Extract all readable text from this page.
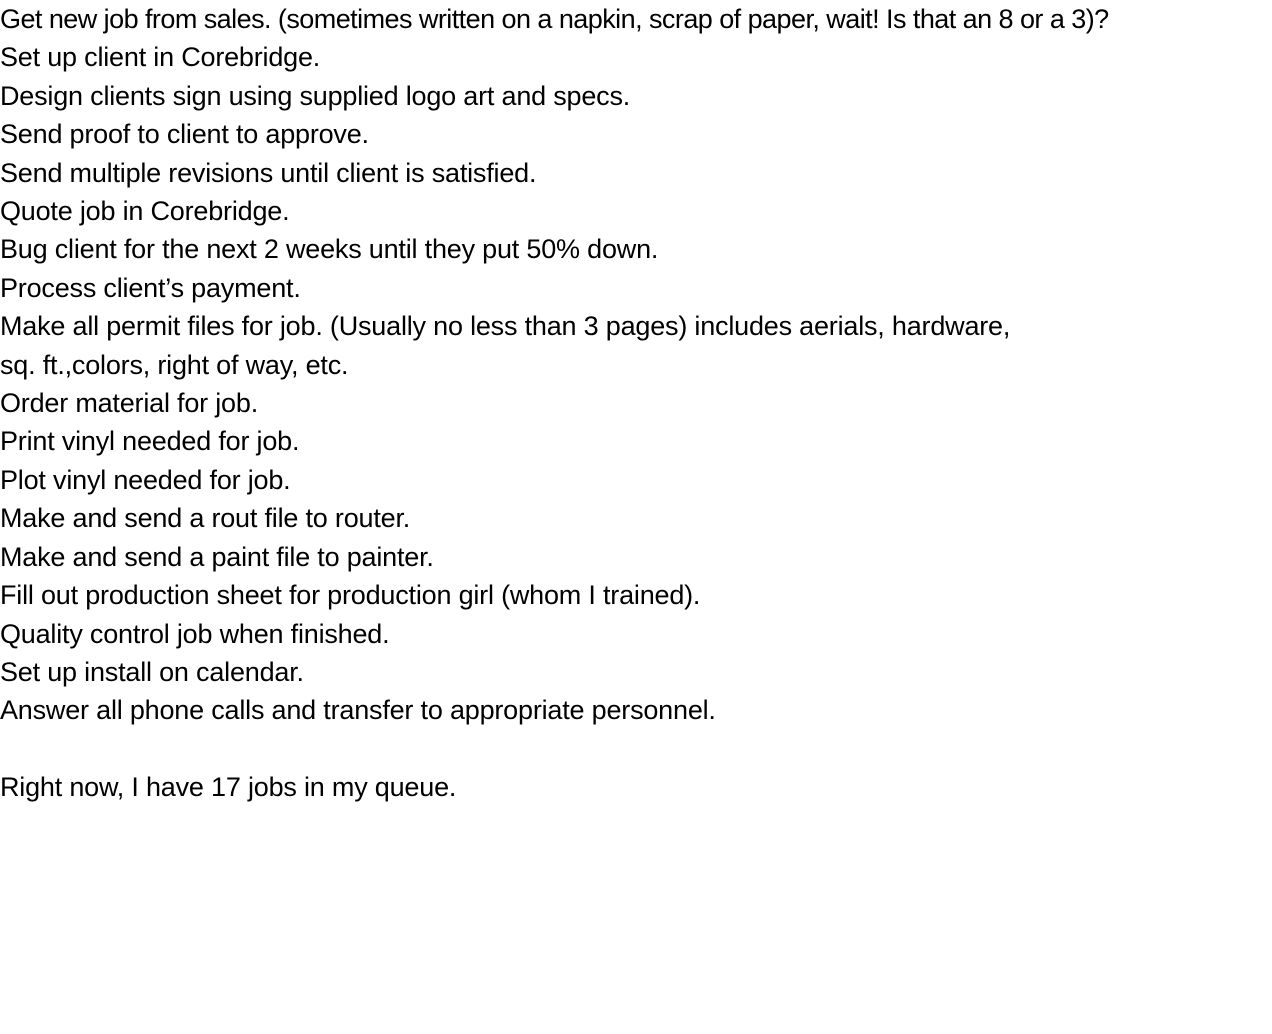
Get new job from sales. (sometimes written on a napkin, scrap of paper, wait! Is that an 8 or a 3)?
Set up client in Corebridge.
Design clients sign using supplied logo art and specs.
Send proof to client to approve.
Send multiple revisions until client is satisfied.
Quote job in Corebridge.
Bug client for the next 2 weeks until they put 50% down.
Process client’s payment.
Make all permit files for job. (Usually no less than 3 pages) includes aerials, hardware,
sq. ft.,colors, right of way, etc.
Order material for job.
Print vinyl needed for job.
Plot vinyl needed for job.
Make and send a rout file to router.
Make and send a paint file to painter.
Fill out production sheet for production girl (whom I trained).
Quality control job when finished.
Set up install on calendar.
Answer all phone calls and transfer to appropriate personnel.
Right now, I have 17 jobs in my queue.
